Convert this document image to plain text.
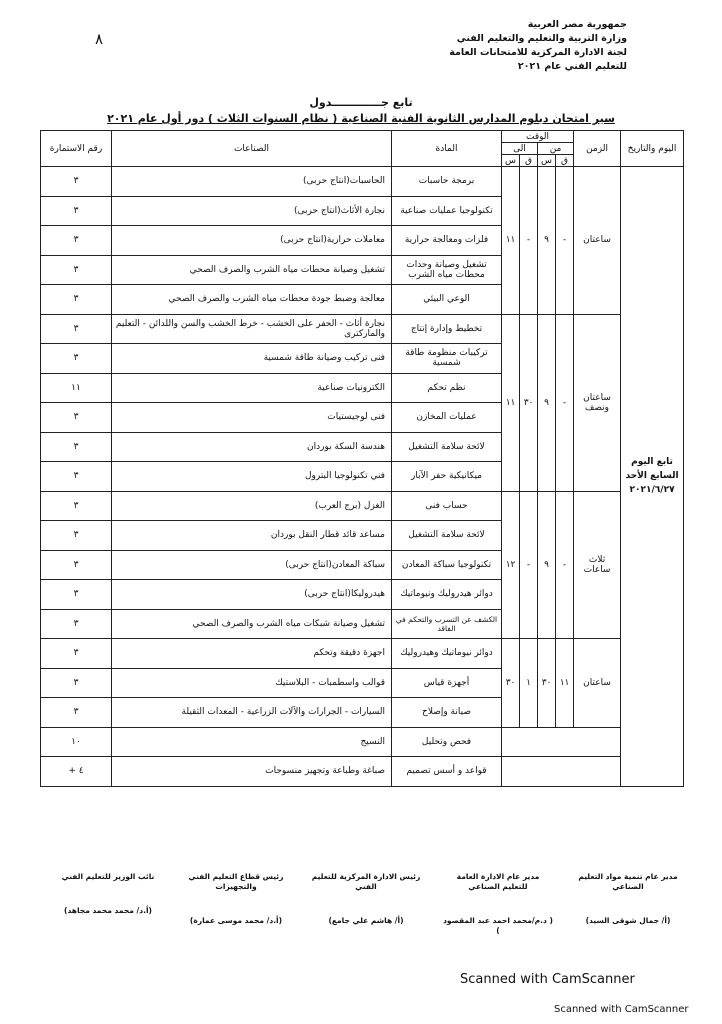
٨
جمهورية مصر العربية
وزارة التربية والتعليم والتعليم الفني
لجنة الادارة المركزية للامتحانات العامة
للتعليم الفني عام ٢٠٢١
تابع جـــــــــــــدول
سير امتحان دبلوم المدارس الثانوية الفنية الصناعية ( نظام السنوات الثلاث ) دور أول عام ٢٠٢١
اليوم والتاريخ	الزمن	الوقت				المادة	الصناعات	رقم الاستمارة
		من		الى				
		ق	س	ق	س			
تابع اليوم السابع الأحد ٢٠٢١/٦/٢٧	ساعتان	-	٩	-	١١	برمجة حاسبات	الحاسبات(انتاج حربى)	٣
						تكنولوجيا عمليات صناعية	نجارة الأثاث(انتاج حربى)	٣
						فلزات ومعالجة حرارية	معاملات حرارية(انتاج حربى)	٣
						تشغيل وصيانة وحدات محطات مياه الشرب	تشغيل وصيانة محطات مياه الشرب والصرف الصحي	٣
						الوعي البيئي	معالجة وضبط جودة محطات مياه الشرب والصرف الصحي	٣
	ساعتان ونصف	-	٩	٣٠	١١	تخطيط وإدارة إنتاج	نجارة أثاث - الحفر على الخشب - خرط الخشب والسن واللدائن - التعليم والماركترى	٣
						تركيبات منظومة طاقة شمسية	فنى تركيب وصيانة طاقة شمسية	٣
						نظم تحكم	الكترونيات صناعية	١١
						عمليات المخازن	فنى لوجيستيات	٣
						لائحة سلامة التشغيل	هندسة السكة بوردان	٣
						ميكانيكية حفر الآبار	فني تكنولوجيا البترول	٣
	ثلاث ساعات	-	٩	-	١٢	حساب فنى	الغزل (برج العرب)	٣
						لائحة سلامة التشغيل	مساعد قائد قطار النقل بوردان	٣
						تكنولوجيا سباكة المعادن	سباكة المعادن(انتاج حربى)	٣
						دوائر هيدروليك ونيوماتيك	هيدروليكا(انتاج حربى)	٣
						الكشف عن التسرب والتحكم في الفاقد	تشغيل وصيانة شبكات مياه الشرب والصرف الصحي	٣
	ساعتان	١١	٣٠	١	٣٠	دوائر نيوماتيك وهيدروليك	اجهزة دقيقة وتحكم	٣
						أجهزة قياس	قوالب واسطمبات - البلاستيك	٣
						صيانة وإصلاح	السيارات - الجرارات والآلات الزراعية - المعدات الثقيلة	٣
						فحص وتحليل	النسيج	١٠
						قواعد و أسس تصميم	صباغة وطباعة وتجهيز منسوجات	٤ +
مدير عام تنمية مواد التعليم الصناعي
(أ/ جمال شوقى السيد)
مدير عام الادارة العامة للتعليم الصناعي
( د.م/محمد احمد عبد المقصود )
رئيس الادارة المركزية للتعليم الفني
(أ/ هاشم علي جامع)
رئيس قطاع التعليم الفني والتجهيزات
(أ.د/ محمد موسى عمارة)
نائب الوزير للتعليم الفني
(أ.د/ محمد محمد مجاهد)
Scanned with CamScanner
Scanned with CamScanner
